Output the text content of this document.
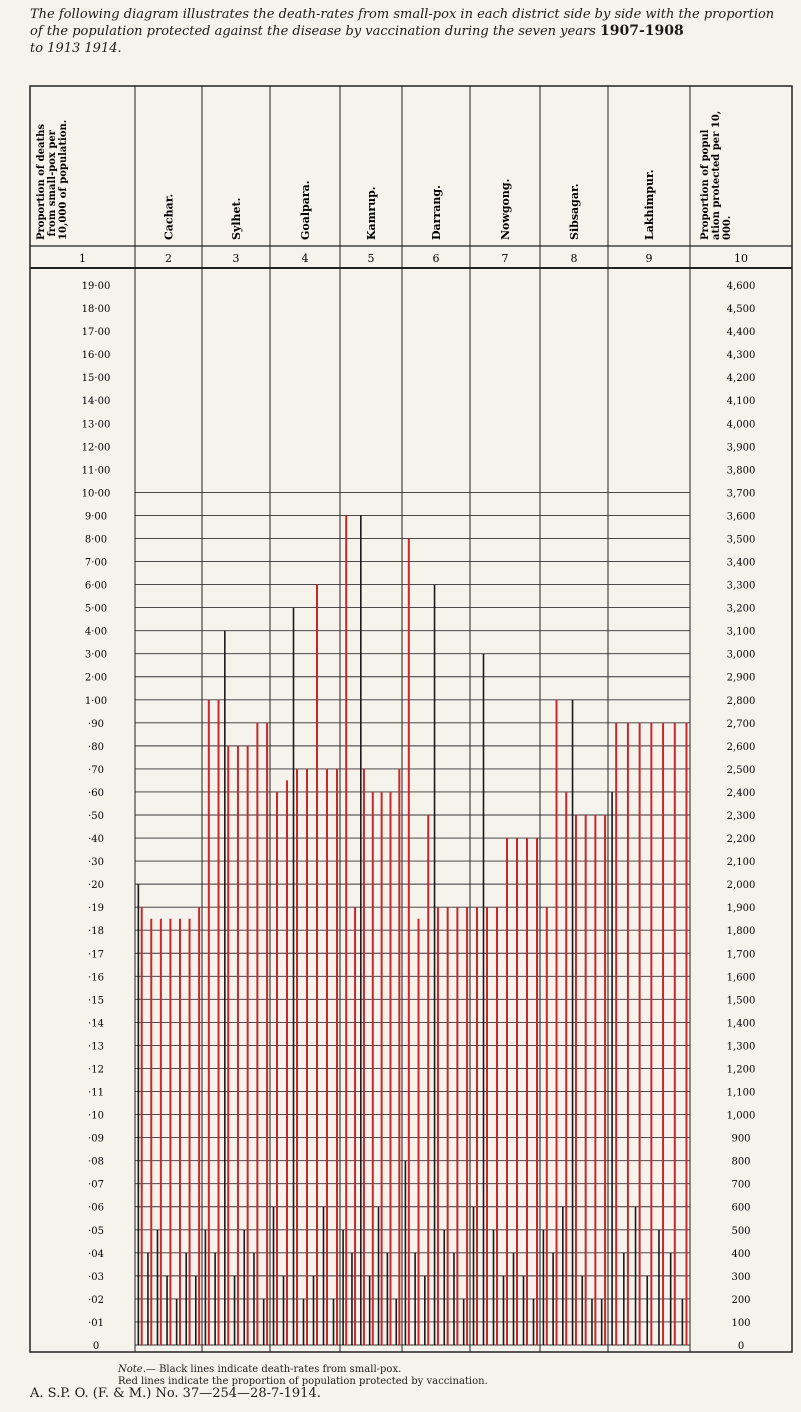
The following diagram illustrates the death-rates from small-pox in each district side by side with the proportion of the population protected against the disease by vaccination during the seven years 1907-1908
to 1913 1914.
Proportion of deaths from small-pox per 10,000 of population.	Cachar.	Sylhet.	Goalpara.	Kamrup.	Darrang.	Nowgong.	Sibsagar.	Lakhimpur.	Proportion of population protected per 10,000.
1	2	3	4	5	6	7	8	9	10
19·00
18·00
17·00
16·00
15·00
14·00
13·00
12·00
11·00
10·00
9·00
8·00
7·00
6·00
5·00
4·00
3·00
2·00
1·00
·90
·80
·70
·60
·50
·40
·30
·20
·19
·18
·17
·16
·15
·14
·13
·12
·11
·10
·09
·08
·07
·06
·05
·04
·03
·02
·01
0
4,600
4,500
4,400
4,300
4,200
4,100
4,000
3,900
3,800
3,700
3,600
3,500
3,400
3,300
3,200
3,100
3,000
2,900
2,800
2,700
2,600
2,500
2,400
2,300
2,200
2,100
2,000
1,900
1,800
1,700
1,600
1,500
1,400
1,300
1,200
1,100
1,000
900
800
700
600
500
400
300
200
100
0
Note.— Black lines indicate death-rates from small-pox.
Red lines indicate the proportion of population protected by vaccination.
A. S.P. O. (F. & M.) No. 37—254—28-7-1914.
